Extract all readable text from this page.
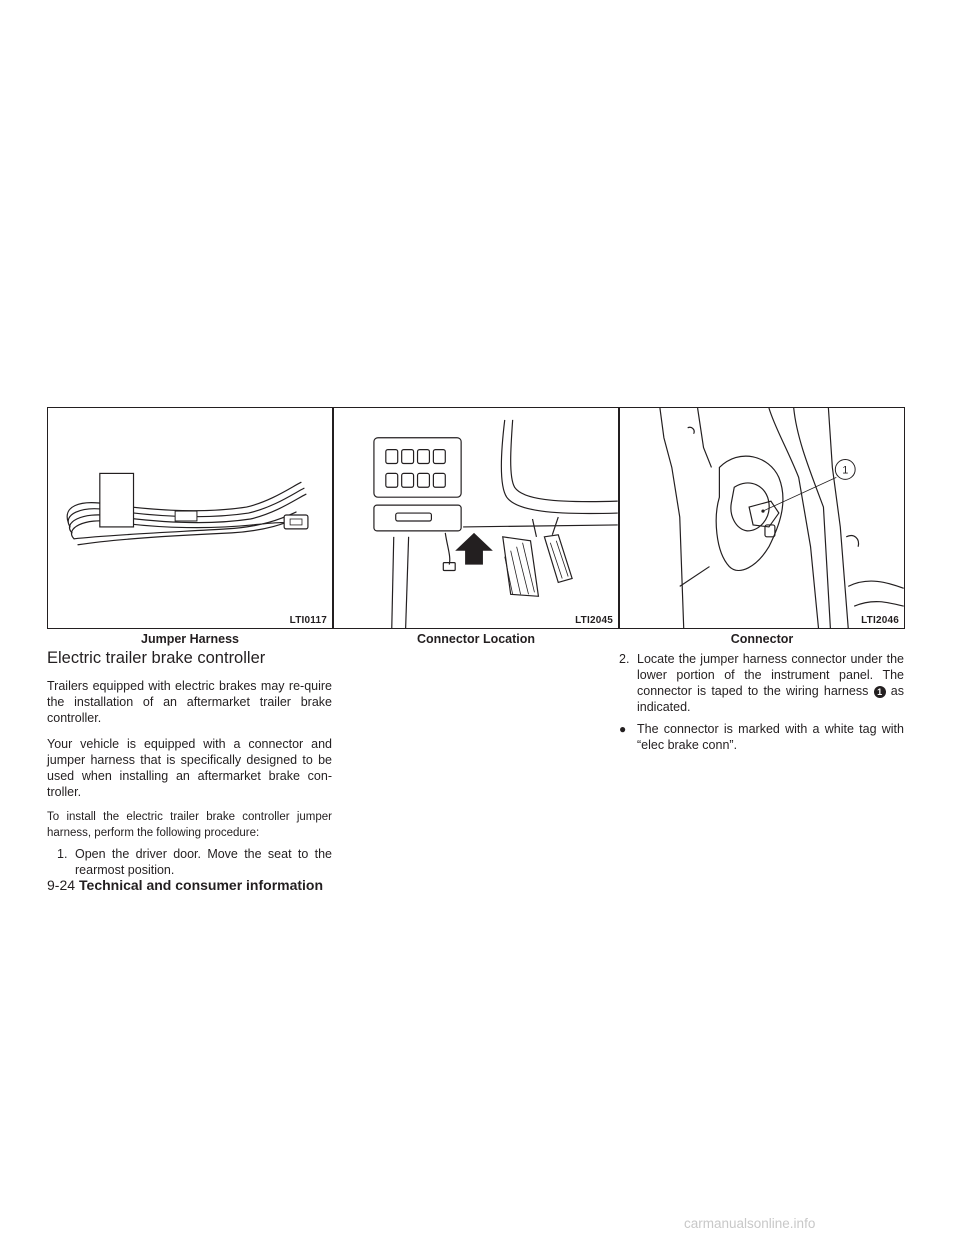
LTI0117
Jumper Harness
LTI2045
Connector Location
1
LTI2046
Connector
Electric trailer brake controller

Trailers equipped with electric brakes may re-quire the installation of an aftermarket trailer brake controller.

Your vehicle is equipped with a connector and jumper harness that is specifically designed to be used when installing an aftermarket brake con-troller.

To install the electric trailer brake controller jumper harness, perform the following procedure:

1. Open the driver door. Move the seat to the rearmost position.
2. Locate the jumper harness connector under the lower portion of the instrument panel. The connector is taped to the wiring harness 1 as indicated.
● The connector is marked with a white tag with “elec brake conn”.
9-24 Technical and consumer information
carmanualsonline.info
